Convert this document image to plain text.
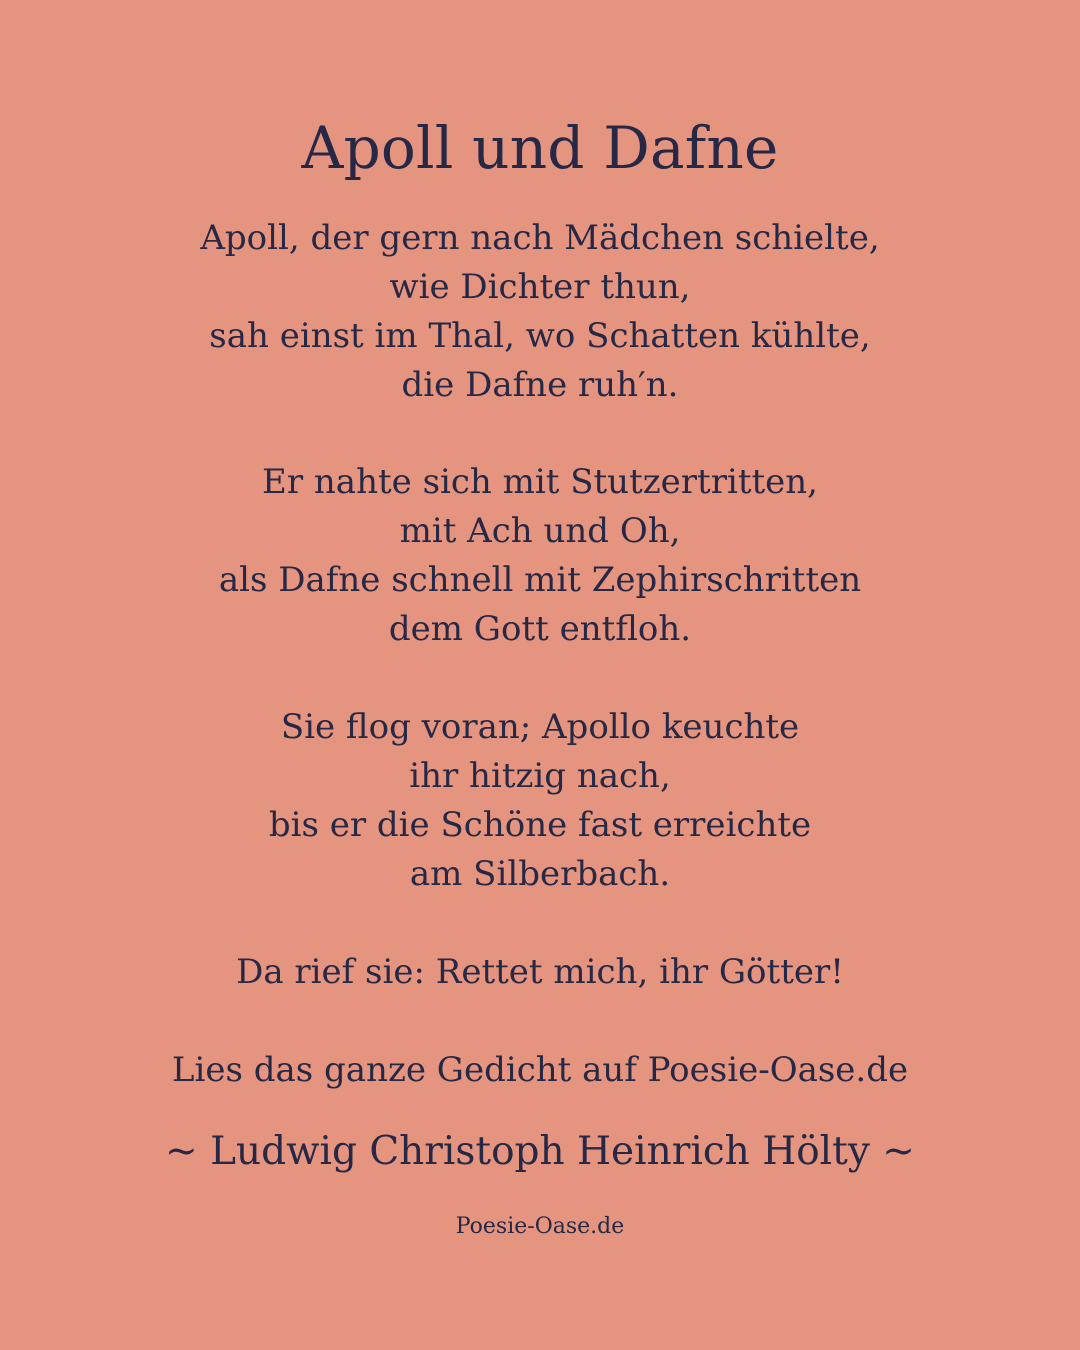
Apoll und Dafne
Apoll, der gern nach Mädchen schielte,
wie Dichter thun,
sah einst im Thal, wo Schatten kühlte,
die Dafne ruh′n.
Er nahte sich mit Stutzertritten,
mit Ach und Oh,
als Dafne schnell mit Zephirschritten
dem Gott entfloh.
Sie flog voran; Apollo keuchte
ihr hitzig nach,
bis er die Schöne fast erreichte
am Silberbach.
Da rief sie: Rettet mich, ihr Götter!
Lies das ganze Gedicht auf Poesie-Oase.de
~ Ludwig Christoph Heinrich Hölty ~
Poesie-Oase.de
